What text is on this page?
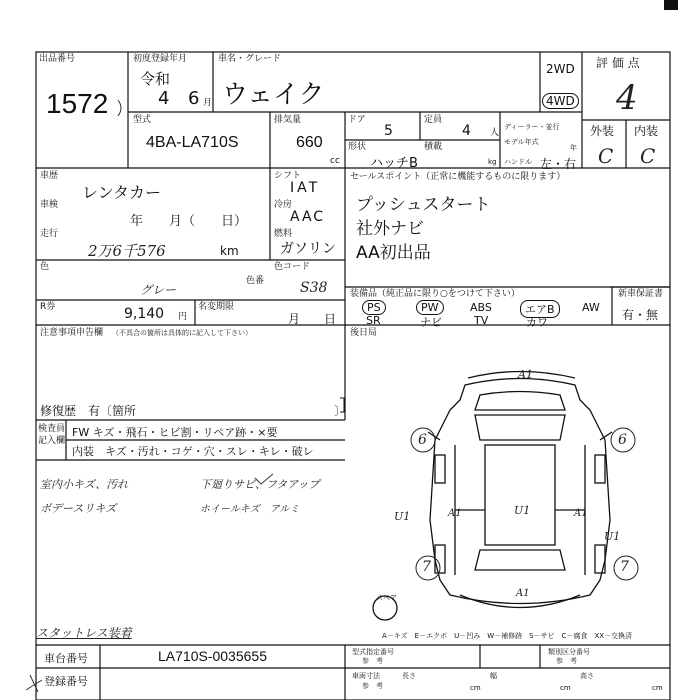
出品番号
1572
初度登録年月
令和
4 6 月
車名・グレード
ウェイク
2WD
4WD
評 価 点
4
外装 内装
C C
型式
4BA-LA710S
排気量
660
cc
ドア
5
定員
4 人
ディーラー・並行
モデル年式
年
形状
ハッチB
積載
kg ハンドル 左・右
車歴
レンタカー
車検
年　　月（　　日）
走行
2万6千576	km
シフト
IAT
冷房
AAC
燃料
ガソリン
色
グレー
色番
色コード
S38
R券	9,140 円
名変期限
月　　日
セールスポイント（正常に機能するものに限ります）
プッシュスタート
社外ナビ
AA初出品
装備品（純正品に限り○をつけて下さい）
PS	PW	ABS	エアB	AW
SR	ナビ	TV	カワ
新車保証書
有・無
後日局
注意事項申告欄 （不具合の箇所は具体的に記入して下さい）
修復歴 有〔箇所	〕
検査員
記入欄
FW キズ・飛石・ヒビ割・リペア跡・×要
内装　キズ・汚れ・コゲ・穴・スレ・キレ・破レ
室内小キズ、汚れ
ボデースリキズ
下廻りサビ、フタアップ
ホイールキズ　アルミ
A1
6	6
U1	A1	U1	A1
U1
7	7
A1
スペア
A－キズ　E－エクボ　U－凹み　W－補修跡　S－サビ　C－腐食　XX－交換済
スタットレス装着
車台番号	LA710S-0035655
登録番号
型式指定番号
参　考
類別区分番号
参　考
車両寸法
参　考
長さ
cm
幅
cm
高さ
cm
